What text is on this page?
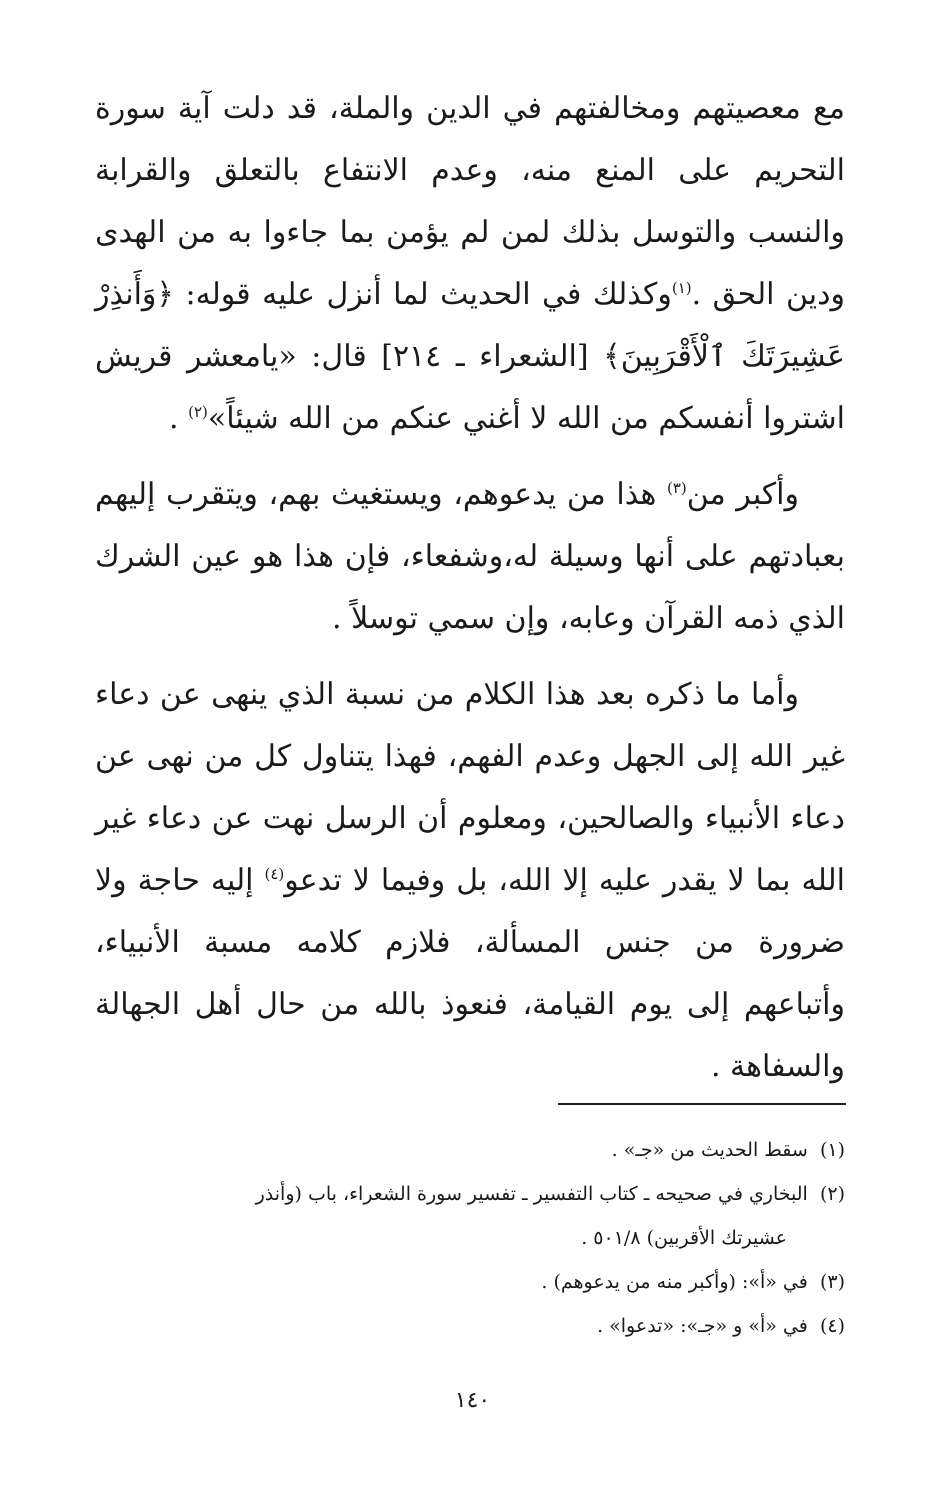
مع معصيتهم ومخالفتهم في الدين والملة، قد دلت آية سورة التحريم على المنع منه، وعدم الانتفاع بالتعلق والقرابة والنسب والتوسل بذلك لمن لم يؤمن بما جاءوا به من الهدى ودين الحق .$^{(١)}$وكذلك في الحديث لما أنزل عليه قوله: ﴿وَأَنذِرْ عَشِيرَتَكَ ٱلْأَقْرَبِينَ﴾ [الشعراء ـ ٢١٤] قال: «يامعشر قريش اشتروا أنفسكم من الله لا أغني عنكم من الله شيئاً»$^{(٢)}$ .

وأكبر من$^{(٣)}$ هذا من يدعوهم، ويستغيث بهم، ويتقرب إليهم بعبادتهم على أنها وسيلة له،وشفعاء، فإن هذا هو عين الشرك الذي ذمه القرآن وعابه، وإن سمي توسلاً .

وأما ما ذكره بعد هذا الكلام من نسبة الذي ينهى عن دعاء غير الله إلى الجهل وعدم الفهم، فهذا يتناول كل من نهى عن دعاء الأنبياء والصالحين، ومعلوم أن الرسل نهت عن دعاء غير الله بما لا يقدر عليه إلا الله، بل وفيما لا تدعو$^{(٤)}$ إليه حاجة ولا ضرورة من جنس المسألة، فلازم كلامه مسبة الأنبياء، وأتباعهم إلى يوم القيامة، فنعوذ بالله من حال أهل الجهالة والسفاهة .

(١)  سقط الحديث من «جـ» .

(٢)  البخاري في صحيحه ـ كتاب التفسير ـ تفسير سورة الشعراء، باب (وأنذر

عشيرتك الأقربين) ٥٠١/٨ .

(٣)  في «أ»: (وأكبر منه من يدعوهم) .

(٤)  في «أ» و «جـ»: «تدعوا» .

١٤٠
